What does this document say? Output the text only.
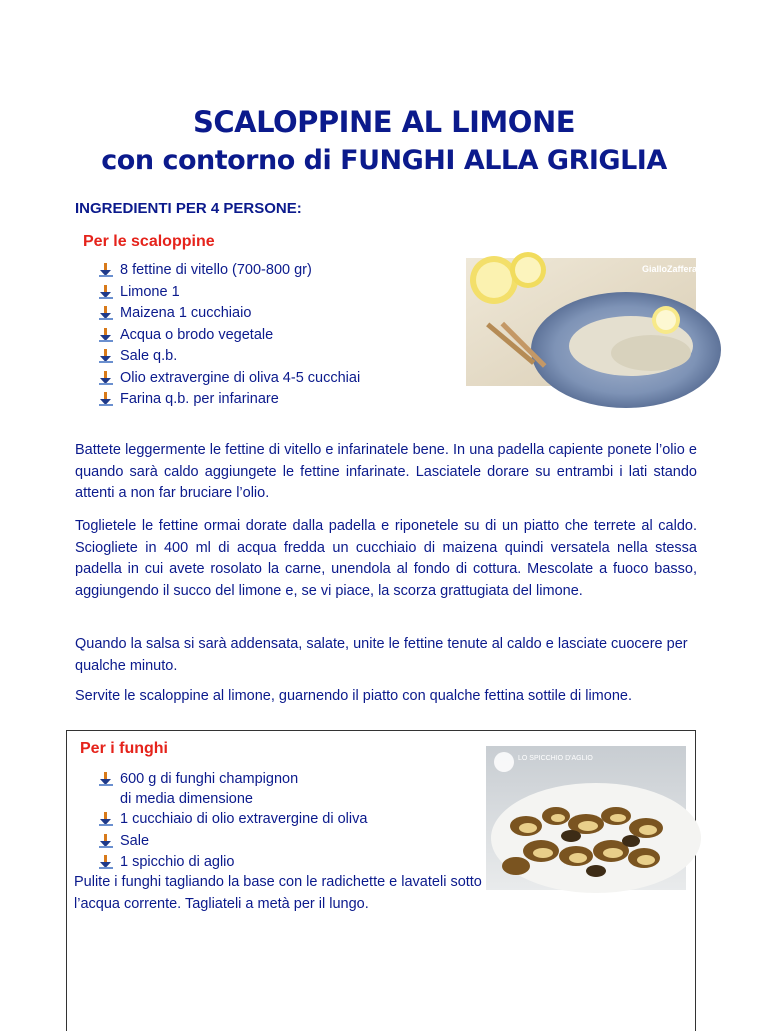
SCALOPPINE AL LIMONE
con contorno di FUNGHI ALLA GRIGLIA
INGREDIENTI PER 4 PERSONE:
Per le scaloppine
8 fettine di vitello (700-800 gr)
Limone 1
Maizena 1 cucchiaio
Acqua o brodo vegetale
Sale q.b.
Olio extravergine di oliva 4-5 cucchiai
Farina q.b. per infarinare
GialloZafferano

Battete leggermente le fettine di vitello e infarinatele bene. In una padella capiente ponete l’olio e quando sarà caldo aggiungete le fettine infarinate. Lasciatele dorare su entrambi i lati stando attenti a non far bruciare l’olio.

Toglietele le fettine ormai dorate dalla padella e riponetele su di un piatto che terrete al caldo. Sciogliete in 400 ml di acqua fredda un cucchiaio di maizena quindi versatela nella stessa padella in cui avete rosolato la carne, unendola al fondo di cottura. Mescolate a fuoco basso, aggiungendo il succo del limone e, se vi piace, la scorza grattugiata del limone.

Quando la salsa si sarà addensata, salate, unite le fettine tenute al caldo e lasciate cuocere per qualche minuto.

Servite le scaloppine al limone, guarnendo il piatto con qualche fettina sottile di limone.

Per i funghi
600 g di funghi champignon
di media dimensione
1 cucchiaio di olio extravergine di oliva
Sale
1 spicchio di aglio
LO SPICCHIO D'AGLIO

Pulite i funghi tagliando la base con le radichette e lavateli sotto l’acqua corrente. Tagliateli a metà per il lungo.
